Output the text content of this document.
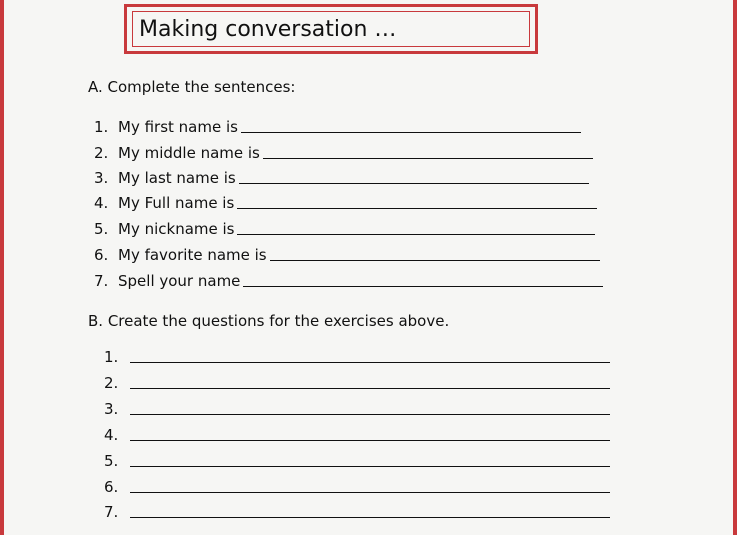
Making conversation …
A. Complete the sentences:
1. My first name is
2. My middle name is
3. My last name is
4. My Full name is
5. My nickname is
6. My favorite name is
7. Spell your name
B. Create the questions for the exercises above.
1.
2.
3.
4.
5.
6.
7.
